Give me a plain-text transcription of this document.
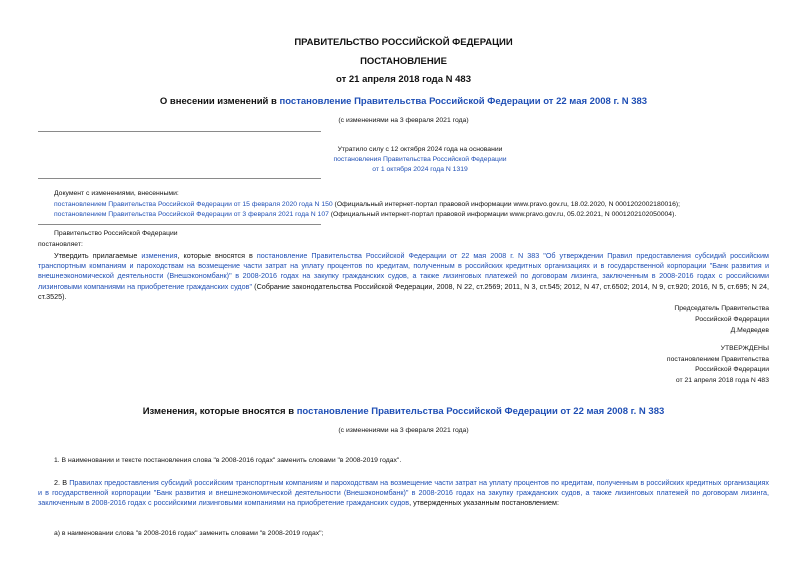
ПРАВИТЕЛЬСТВО РОССИЙСКОЙ ФЕДЕРАЦИИ
ПОСТАНОВЛЕНИЕ
от 21 апреля 2018 года N 483
О внесении изменений в постановление Правительства Российской Федерации от 22 мая 2008 г. N 383
(с изменениями на 3 февраля 2021 года)
Утратило силу с 12 октября 2024 года на основании
постановления Правительства Российской Федерации
от 1 октября 2024 года N 1319
Документ с изменениями, внесенными:
постановлением Правительства Российской Федерации от 15 февраля 2020 года N 150 (Официальный интернет-портал правовой информации www.pravo.gov.ru, 18.02.2020, N 0001202002180016);
постановлением Правительства Российской Федерации от 3 февраля 2021 года N 107 (Официальный интернет-портал правовой информации www.pravo.gov.ru, 05.02.2021, N 0001202102050004).
Правительство Российской Федерации
постановляет:
Утвердить прилагаемые изменения, которые вносятся в постановление Правительства Российской Федерации от 22 мая 2008 г. N 383 "Об утверждении Правил предоставления субсидий российским транспортным компаниям и пароходствам на возмещение части затрат на уплату процентов по кредитам, полученным в российских кредитных организациях и в государственной корпорации "Банк развития и внешнеэкономической деятельности (Внешэкономбанк)" в 2008-2016 годах на закупку гражданских судов, а также лизинговых платежей по договорам лизинга, заключенным в 2008-2016 годах с российскими лизинговыми компаниями на приобретение гражданских судов" (Собрание законодательства Российской Федерации, 2008, N 22, ст.2569; 2011, N 3, ст.545; 2012, N 47, ст.6502; 2014, N 9, ст.920; 2016, N 5, ст.695; N 24, ст.3525).
Председатель Правительства
Российской Федерации
Д.Медведев
УТВЕРЖДЕНЫ
постановлением Правительства
Российской Федерации
от 21 апреля 2018 года N 483
Изменения, которые вносятся в постановление Правительства Российской Федерации от 22 мая 2008 г. N 383
(с изменениями на 3 февраля 2021 года)
1. В наименовании и тексте постановления слова "в 2008-2016 годах" заменить словами "в 2008-2019 годах".
2. В Правилах предоставления субсидий российским транспортным компаниям и пароходствам на возмещение части затрат на уплату процентов по кредитам, полученным в российских кредитных организациях и в государственной корпорации "Банк развития и внешнеэкономической деятельности (Внешэкономбанк)" в 2008-2016 годах на закупку гражданских судов, а также лизинговых платежей по договорам лизинга, заключенным в 2008-2016 годах с российскими лизинговыми компаниями на приобретение гражданских судов, утвержденных указанным постановлением:
а) в наименовании слова "в 2008-2016 годах" заменить словами "в 2008-2019 годах";
